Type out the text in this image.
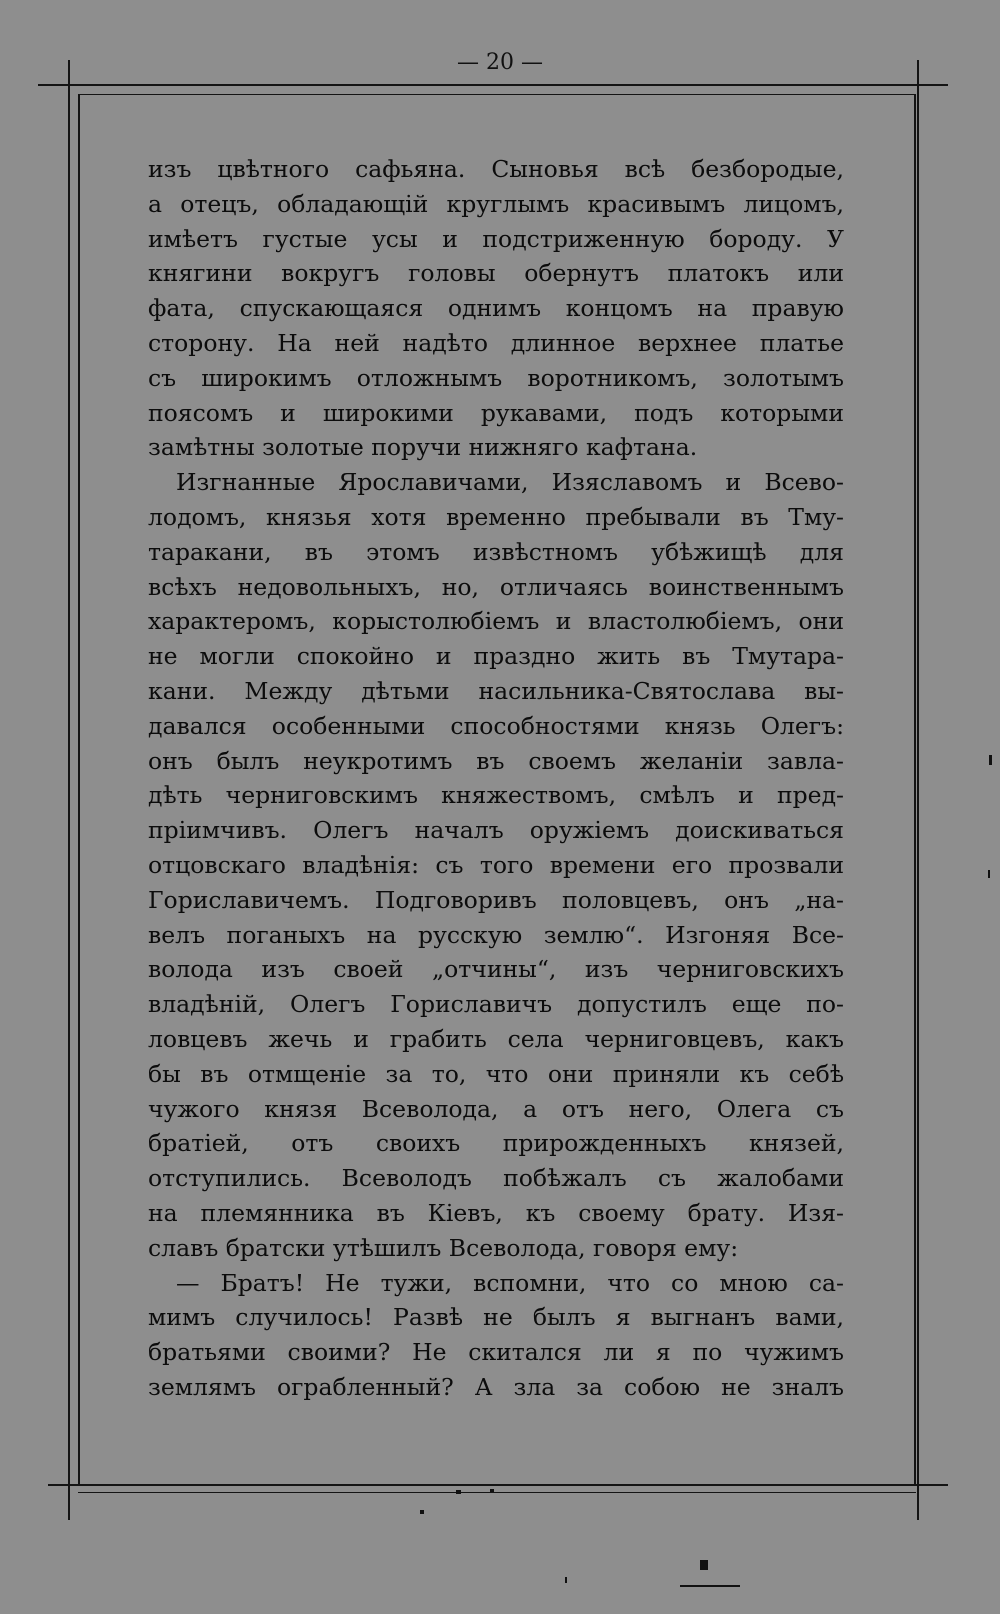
— 20 —
изъ цвѣтного сафьяна. Сыновья всѣ безбородые,
а отецъ, обладающій круглымъ красивымъ лицомъ,
имѣетъ густые усы и подстриженную бороду. У
княгини вокругъ головы обернутъ платокъ или
фата, спускающаяся однимъ концомъ на правую
сторону. На ней надѣто длинное верхнее платье
съ широкимъ отложнымъ воротникомъ, золотымъ
поясомъ и широкими рукавами, подъ которыми
замѣтны золотые поручи нижняго кафтана.
Изгнанные Ярославичами, Изяславомъ и Всево-
лодомъ, князья хотя временно пребывали въ Тму-
таракани, въ этомъ извѣстномъ убѣжищѣ для
всѣхъ недовольныхъ, но, отличаясь воинственнымъ
характеромъ, корыстолюбіемъ и властолюбіемъ, они
не могли спокойно и праздно жить въ Тмутара-
кани. Между дѣтьми насильника-Святослава вы-
давался особенными способностями князь Олегъ:
онъ былъ неукротимъ въ своемъ желаніи завла-
дѣть черниговскимъ княжествомъ, смѣлъ и пред-
пріимчивъ. Олегъ началъ оружіемъ доискиваться
отцовскаго владѣнія: съ того времени его прозвали
Гориславичемъ. Подговоривъ половцевъ, онъ „на-
велъ поганыхъ на русскую землю“. Изгоняя Все-
волода изъ своей „отчины“, изъ черниговскихъ
владѣній, Олегъ Гориславичъ допустилъ еще по-
ловцевъ жечь и грабить села черниговцевъ, какъ
бы въ отмщеніе за то, что они приняли къ себѣ
чужого князя Всеволода, а отъ него, Олега съ
братіей, отъ своихъ прирожденныхъ князей,
отступились. Всеволодъ побѣжалъ съ жалобами
на племянника въ Кіевъ, къ своему брату. Изя-
славъ братски утѣшилъ Всеволода, говоря ему:
— Братъ! Не тужи, вспомни, что со мною са-
мимъ случилось! Развѣ не былъ я выгнанъ вами,
братьями своими? Не скитался ли я по чужимъ
землямъ ограбленный? А зла за собою не зналъ
